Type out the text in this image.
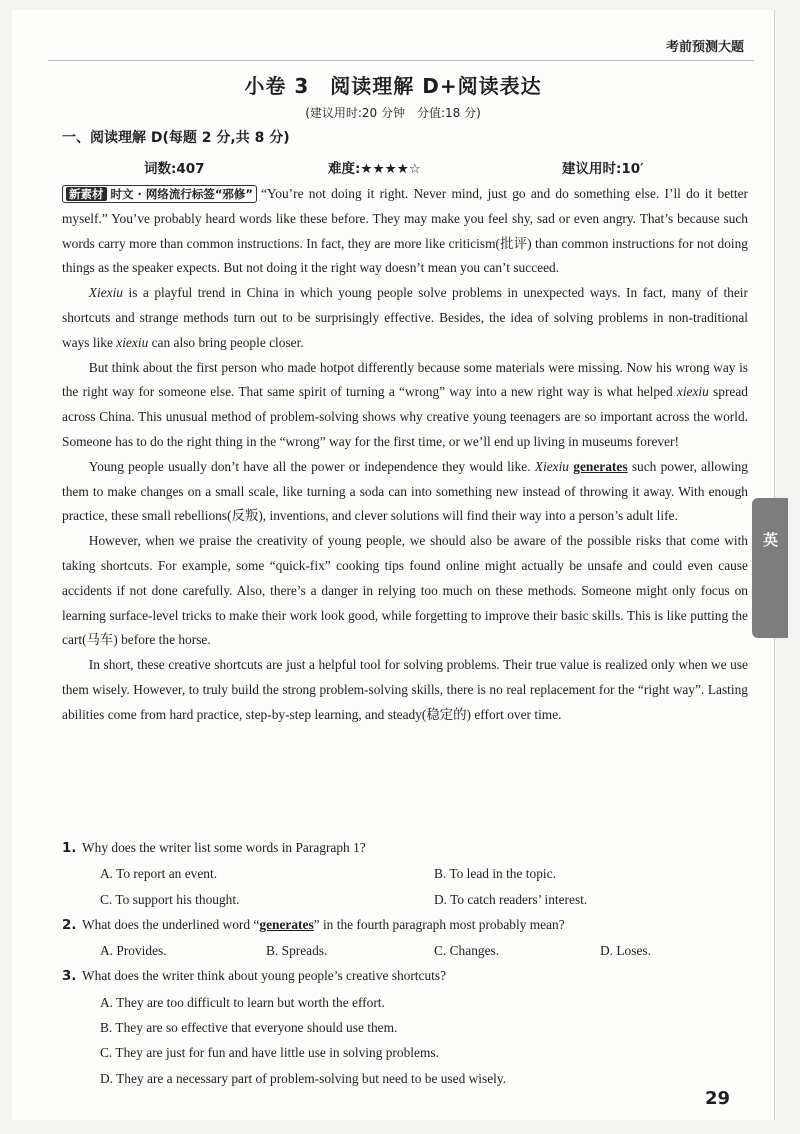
考前预测大题
小卷 3　阅读理解 D+阅读表达
(建议用时:20 分钟　分值:18 分)
一、阅读理解 D(每题 2 分,共 8 分)
词数:407	难度:★★★★☆	建议用时:10′

新素材 时文 · 网络流行标签“邪修” “You’re not doing it right. Never mind, just go and do something else. I’ll do it better myself.” You’ve probably heard words like these before. They may make you feel shy, sad or even angry. That’s because such words carry more than common instructions. In fact, they are more like criticism(批评) than common instructions for not doing things as the speaker expects. But not doing it the right way doesn’t mean you can’t succeed.

Xiexiu is a playful trend in China in which young people solve problems in unexpected ways. In fact, many of their shortcuts and strange methods turn out to be surprisingly effective. Besides, the idea of solving problems in non-traditional ways like xiexiu can also bring people closer.

But think about the first person who made hotpot differently because some materials were missing. Now his wrong way is the right way for someone else. That same spirit of turning a “wrong” way into a new right way is what helped xiexiu spread across China. This unusual method of problem-solving shows why creative young teenagers are so important across the world. Someone has to do the right thing in the “wrong” way for the first time, or we’ll end up living in museums forever!

Young people usually don’t have all the power or independence they would like. Xiexiu generates such power, allowing them to make changes on a small scale, like turning a soda can into something new instead of throwing it away. With enough practice, these small rebellions(反叛), inventions, and clever solutions will find their way into a person’s adult life.

However, when we praise the creativity of young people, we should also be aware of the possible risks that come with taking shortcuts. For example, some “quick-fix” cooking tips found online might actually be unsafe and could even cause accidents if not done carefully. Also, there’s a danger in relying too much on these methods. Someone might only focus on learning surface-level tricks to make their work look good, while forgetting to improve their basic skills. This is like putting the cart(马车) before the horse.

In short, these creative shortcuts are just a helpful tool for solving problems. Their true value is realized only when we use them wisely. However, to truly build the strong problem-solving skills, there is no real replacement for the “right way”. Lasting abilities come from hard practice, step-by-step learning, and steady(稳定的) effort over time.

1. Why does the writer list some words in Paragraph 1?
A. To report an event.	B. To lead in the topic.
C. To support his thought.	D. To catch readers’ interest.
2. What does the underlined word “generates” in the fourth paragraph most probably mean?
A. Provides.	B. Spreads.	C. Changes.	D. Loses.
3. What does the writer think about young people’s creative shortcuts?
A. They are too difficult to learn but worth the effort.
B. They are so effective that everyone should use them.
C. They are just for fun and have little use in solving problems.
D. They are a necessary part of problem-solving but need to be used wisely.
29
英
